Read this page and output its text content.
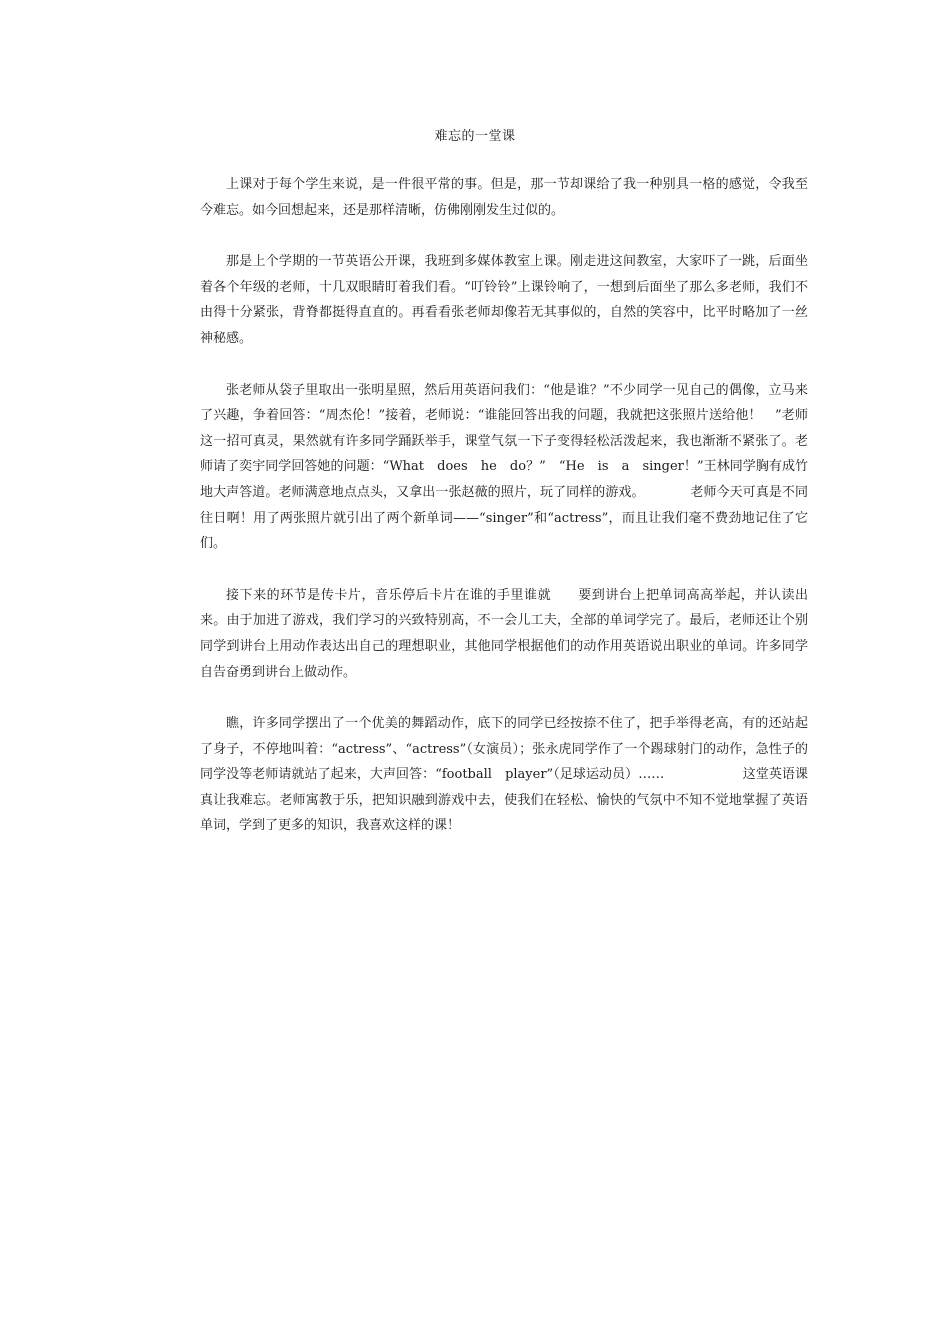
难忘的一堂课

上课对于每个学生来说，是一件很平常的事。但是，那一节却课给了我一种别具一格的感觉，令我至今难忘。如今回想起来，还是那样清晰，仿佛刚刚发生过似的。

那是上个学期的一节英语公开课，我班到多媒体教室上课。刚走进这间教室，大家吓了一跳，后面坐着各个年级的老师，十几双眼睛盯着我们看。“叮铃铃”上课铃响了，一想到后面坐了那么多老师，我们不由得十分紧张，背脊都挺得直直的。再看看张老师却像若无其事似的，自然的笑容中，比平时略加了一丝神秘感。

张老师从袋子里取出一张明星照，然后用英语问我们：“他是谁？”不少同学一见自己的偶像，立马来了兴趣，争着回答：“周杰伦！”接着，老师说：“谁能回答出我的问题，我就把这张照片送给他！　”老师这一招可真灵，果然就有许多同学踊跃举手，课堂气氛一下子变得轻松活泼起来，我也渐渐不紧张了。老师请了奕宇同学回答她的问题：“What　does　he　do？”　“He　is　a　singer！”王林同学胸有成竹地大声答道。老师满意地点点头，又拿出一张赵薇的照片，玩了同样的游戏。　　　　老师今天可真是不同往日啊！用了两张照片就引出了两个新单词——“singer”和“actress”，而且让我们毫不费劲地记住了它们。

接下来的环节是传卡片，音乐停后卡片在谁的手里谁就　　要到讲台上把单词高高举起，并认读出来。由于加进了游戏，我们学习的兴致特别高，不一会儿工夫，全部的单词学完了。最后，老师还让个别同学到讲台上用动作表达出自己的理想职业，其他同学根据他们的动作用英语说出职业的单词。许多同学自告奋勇到讲台上做动作。

瞧，许多同学摆出了一个优美的舞蹈动作，底下的同学已经按捺不住了，把手举得老高，有的还站起了身子，不停地叫着：“actress”、“actress”（女演员）；张永虎同学作了一个踢球射门的动作，急性子的同学没等老师请就站了起来，大声回答：“football　player”（足球运动员）……　　　　　　这堂英语课真让我难忘。老师寓教于乐，把知识融到游戏中去，使我们在轻松、愉快的气氛中不知不觉地掌握了英语单词，学到了更多的知识，我喜欢这样的课！
